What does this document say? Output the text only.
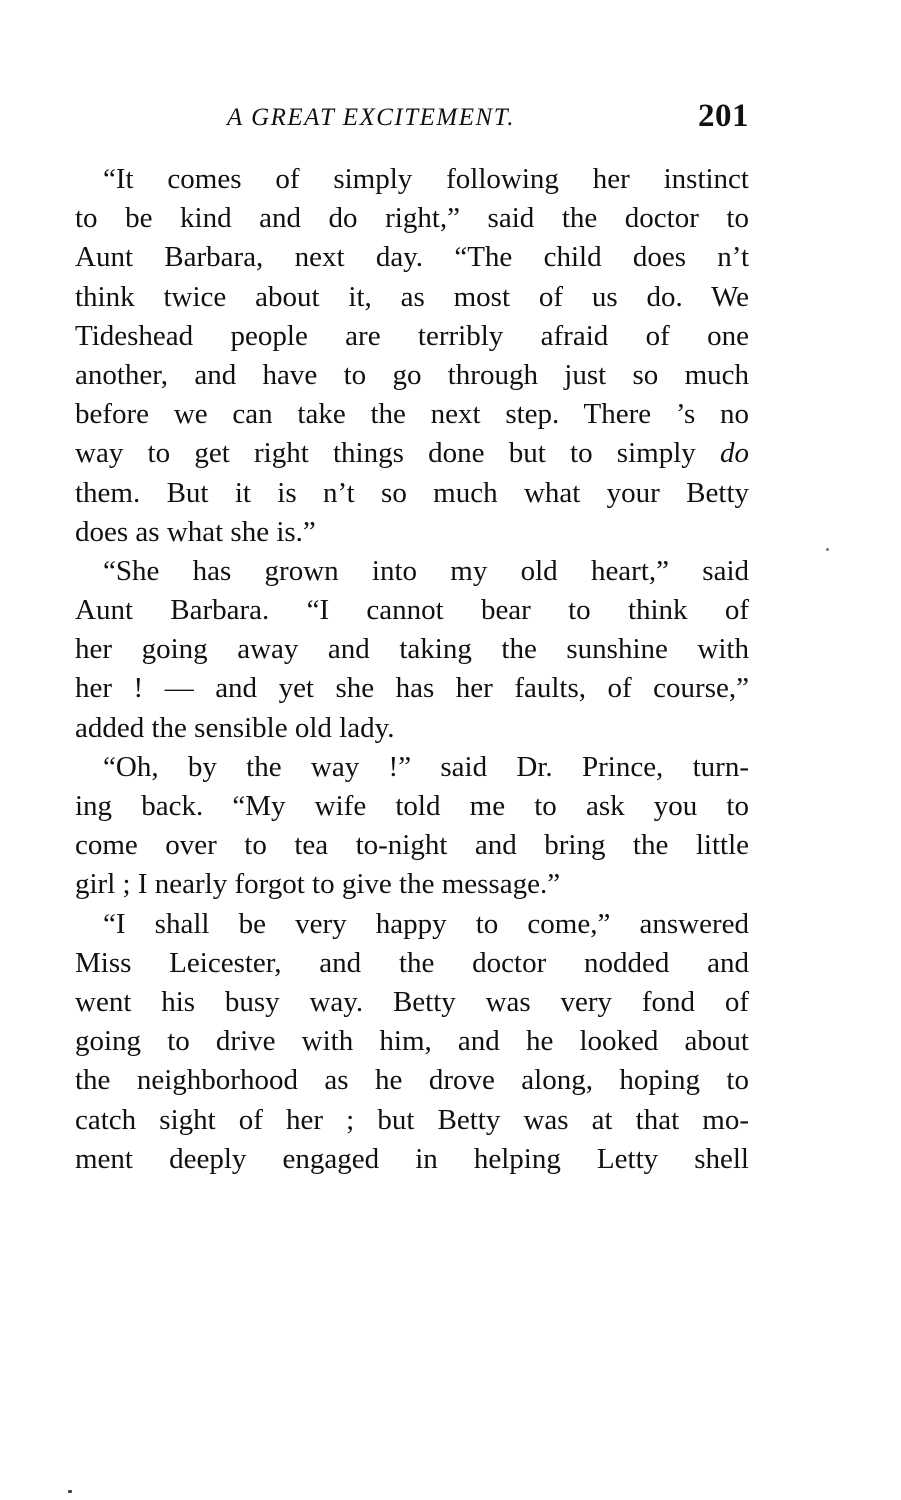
A GREAT EXCITEMENT.	201
“It comes of simply following her instinct
to be kind and do right,” said the doctor to
Aunt Barbara, next day. “The child does n’t
think twice about it, as most of us do. We
Tideshead people are terribly afraid of one
another, and have to go through just so much
before we can take the next step. There ’s no
way to get right things done but to simply do
them. But it is n’t so much what your Betty
does as what she is.”
“She has grown into my old heart,” said
Aunt Barbara. “I cannot bear to think of
her going away and taking the sunshine with
her ! — and yet she has her faults, of course,”
added the sensible old lady.
“Oh, by the way !” said Dr. Prince, turn-
ing back. “My wife told me to ask you to
come over to tea to-night and bring the little
girl ; I nearly forgot to give the message.”
“I shall be very happy to come,” answered
Miss Leicester, and the doctor nodded and
went his busy way. Betty was very fond of
going to drive with him, and he looked about
the neighborhood as he drove along, hoping to
catch sight of her ; but Betty was at that mo-
ment deeply engaged in helping Letty shell
